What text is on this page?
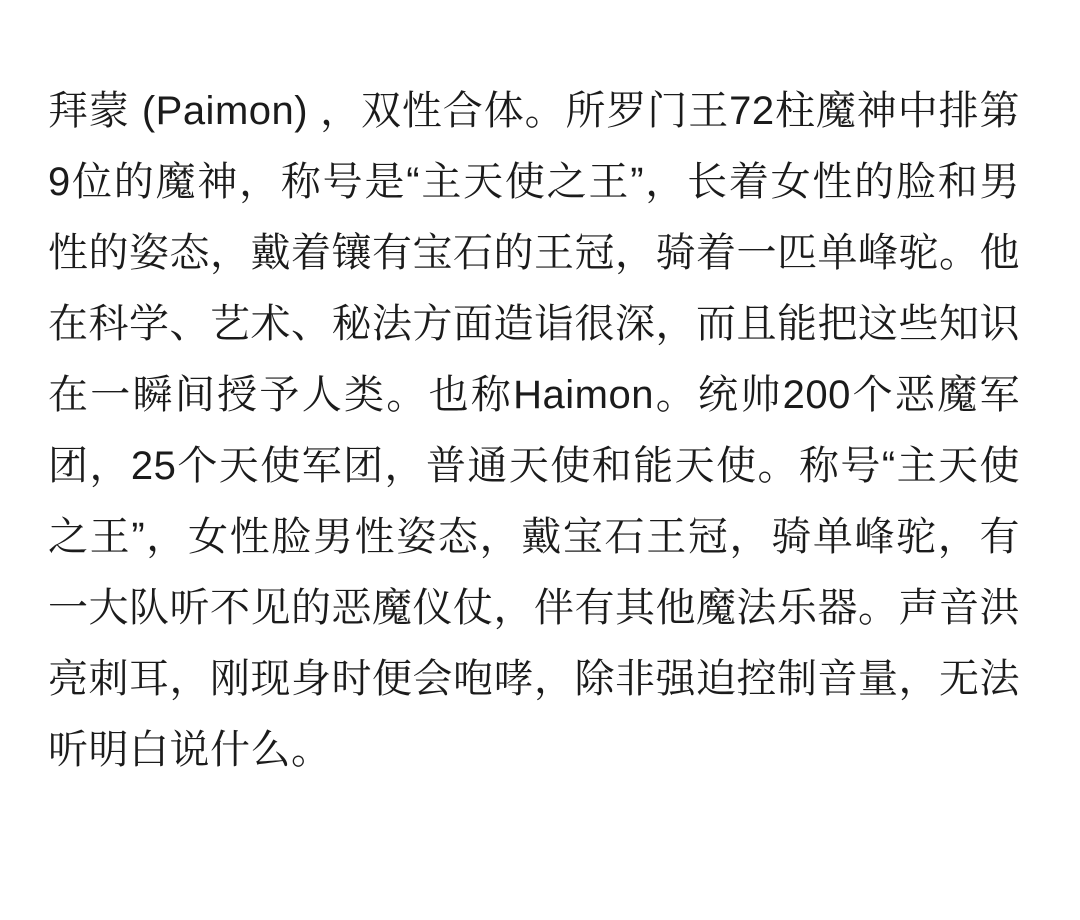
拜蒙 (Paimon) ，双性合体。所罗门王72柱魔神中排第9位的魔神，称号是“主天使之王”，长着女性的脸和男性的姿态，戴着镶有宝石的王冠，骑着一匹单峰驼。他在科学、艺术、秘法方面造诣很深，而且能把这些知识在一瞬间授予人类。也称Haimon。统帅200个恶魔军团，25个天使军团，普通天使和能天使。称号“主天使之王”，女性脸男性姿态，戴宝石王冠，骑单峰驼，有一大队听不见的恶魔仪仗，伴有其他魔法乐器。声音洪亮刺耳，刚现身时便会咆哮，除非强迫控制音量，无法听明白说什么。
